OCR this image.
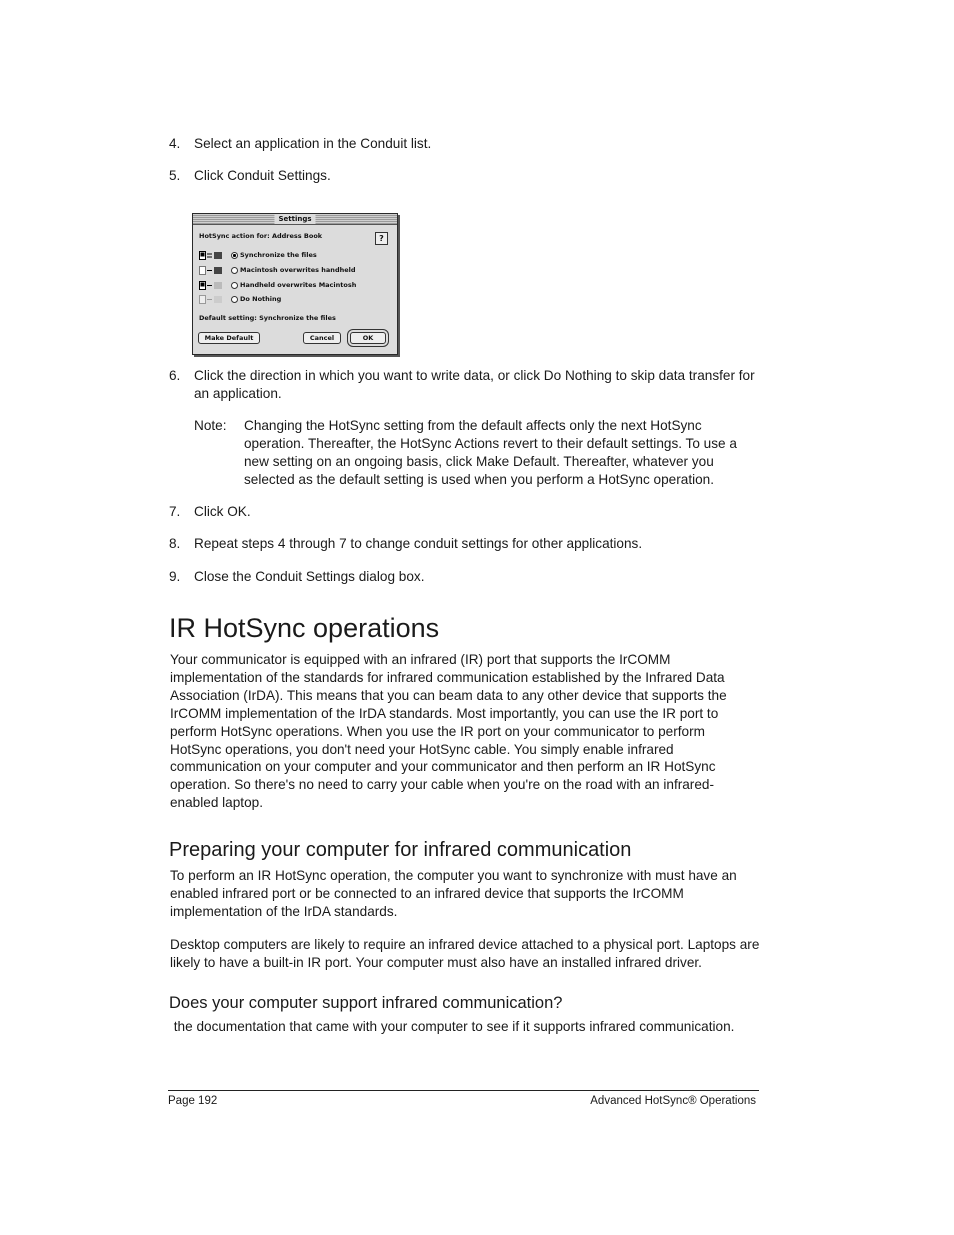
4. Select an application in the Conduit list.
5. Click Conduit Settings.
Settings
HotSync action for: Address Book	?
Synchronize the files
Macintosh overwrites handheld
Handheld overwrites Macintosh
Do Nothing
Default setting: Synchronize the files
Make Default	Cancel	OK
6. Click the direction in which you want to write data, or click Do Nothing to skip data transfer for an application.
Note: Changing the HotSync setting from the default affects only the next HotSync operation. Thereafter, the HotSync Actions revert to their default settings. To use a new setting on an ongoing basis, click Make Default. Thereafter, whatever you selected as the default setting is used when you perform a HotSync operation.
7. Click OK.
8. Repeat steps 4 through 7 to change conduit settings for other applications.
9. Close the Conduit Settings dialog box.
IR HotSync operations

Your communicator is equipped with an infrared (IR) port that supports the IrCOMM implementation of the standards for infrared communication established by the Infrared Data Association (IrDA). This means that you can beam data to any other device that supports the IrCOMM implementation of the IrDA standards. Most importantly, you can use the IR port to perform HotSync operations. When you use the IR port on your communicator to perform HotSync operations, you don't need your HotSync cable. You simply enable infrared communication on your computer and your communicator and then perform an IR HotSync operation. So there's no need to carry your cable when you're on the road with an infrared-enabled laptop.

Preparing your computer for infrared communication

To perform an IR HotSync operation, the computer you want to synchronize with must have an enabled infrared port or be connected to an infrared device that supports the IrCOMM implementation of the IrDA standards.

Desktop computers are likely to require an infrared device attached to a physical port. Laptops are likely to have a built-in IR port. Your computer must also have an installed infrared driver.

Does your computer support infrared communication?

the documentation that came with your computer to see if it supports infrared communication.

Page 192	Advanced HotSync® Operations
